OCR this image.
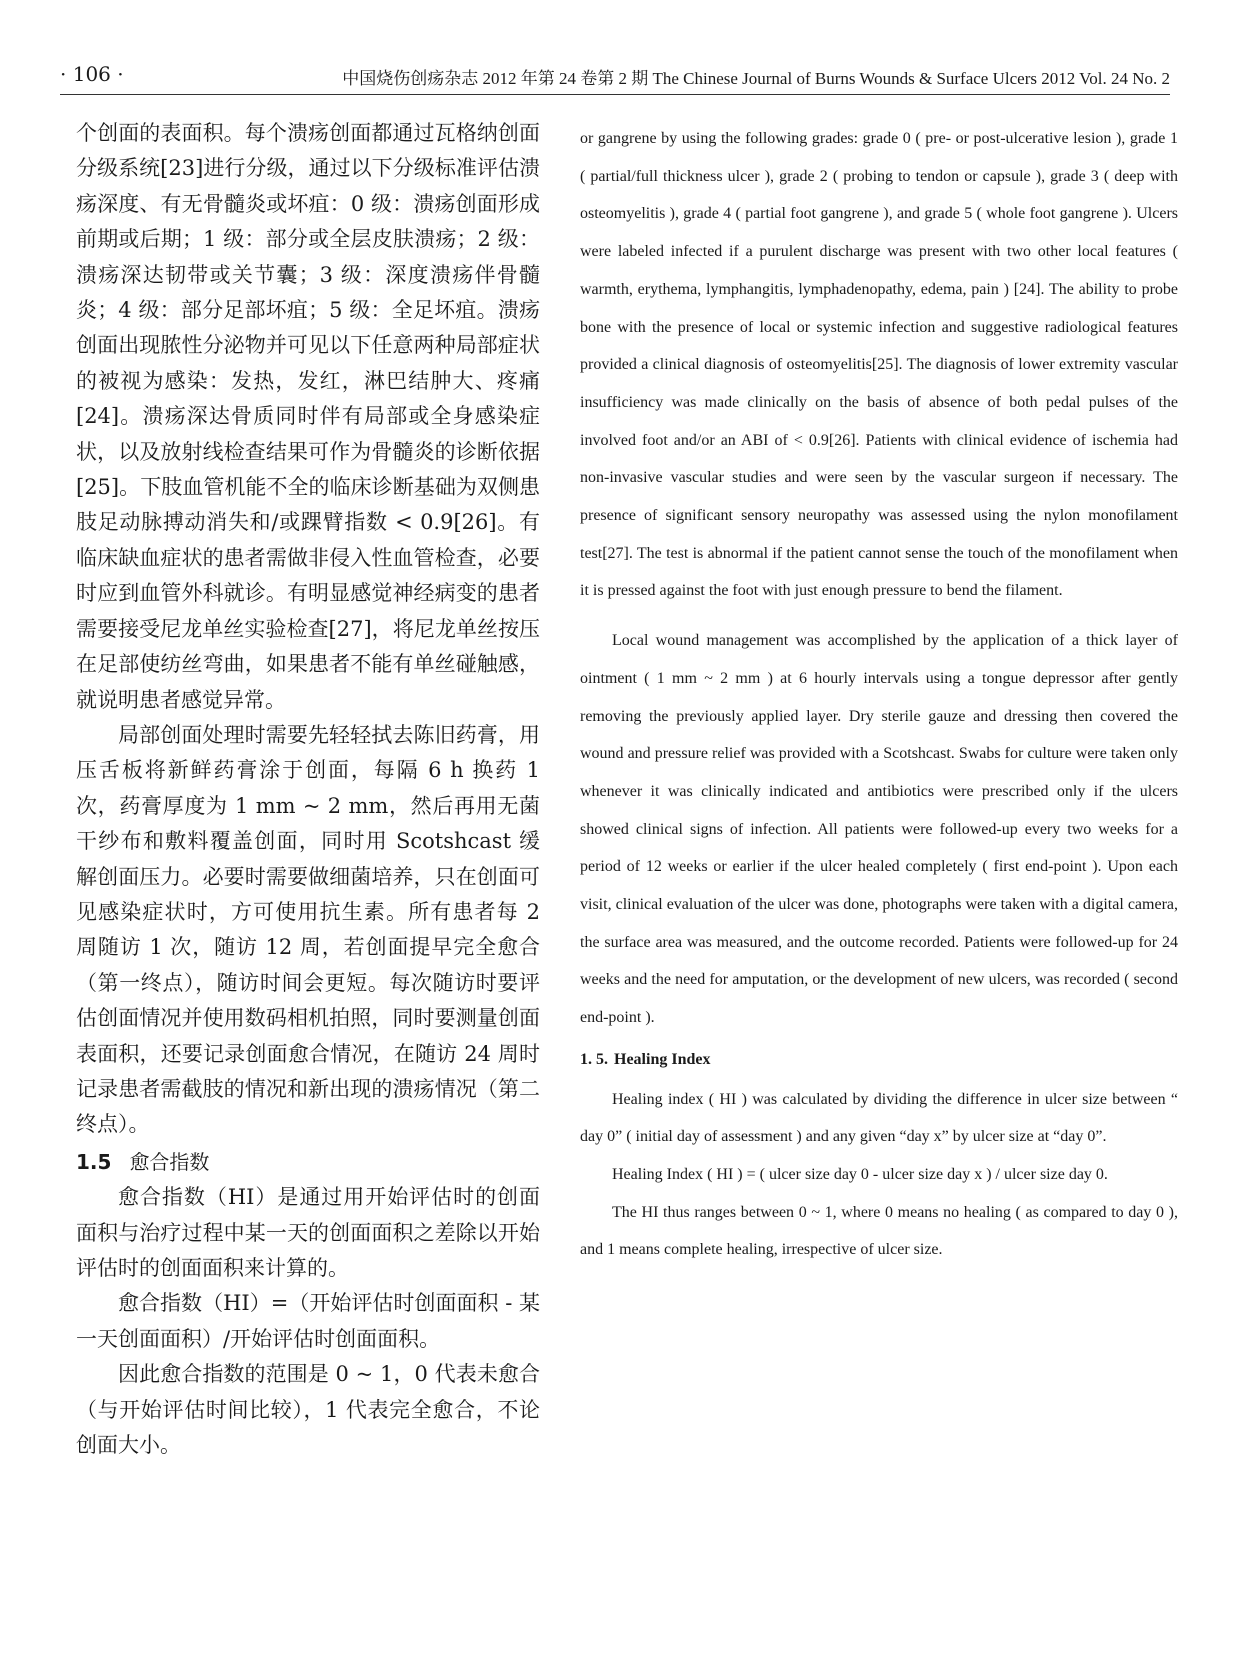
· 106 ·	中国烧伤创疡杂志 2012 年第 24 卷第 2 期 The Chinese Journal of Burns Wounds & Surface Ulcers 2012 Vol. 24 No. 2

个创面的表面积。每个溃疡创面都通过瓦格纳创面分级系统[23]进行分级，通过以下分级标准评估溃疡深度、有无骨髓炎或坏疽：0 级：溃疡创面形成前期或后期；1 级：部分或全层皮肤溃疡；2 级：溃疡深达韧带或关节囊；3 级：深度溃疡伴骨髓炎；4 级：部分足部坏疽；5 级：全足坏疽。溃疡创面出现脓性分泌物并可见以下任意两种局部症状的被视为感染：发热，发红，淋巴结肿大、疼痛[24]。溃疡深达骨质同时伴有局部或全身感染症状，以及放射线检查结果可作为骨髓炎的诊断依据[25]。下肢血管机能不全的临床诊断基础为双侧患肢足动脉搏动消失和/或踝臂指数 < 0.9[26]。有临床缺血症状的患者需做非侵入性血管检查，必要时应到血管外科就诊。有明显感觉神经病变的患者需要接受尼龙单丝实验检查[27]，将尼龙单丝按压在足部使纺丝弯曲，如果患者不能有单丝碰触感，就说明患者感觉异常。

局部创面处理时需要先轻轻拭去陈旧药膏，用压舌板将新鲜药膏涂于创面，每隔 6 h 换药 1 次，药膏厚度为 1 mm ~ 2 mm，然后再用无菌干纱布和敷料覆盖创面，同时用 Scotshcast 缓解创面压力。必要时需要做细菌培养，只在创面可见感染症状时，方可使用抗生素。所有患者每 2 周随访 1 次，随访 12 周，若创面提早完全愈合（第一终点），随访时间会更短。每次随访时要评估创面情况并使用数码相机拍照，同时要测量创面表面积，还要记录创面愈合情况，在随访 24 周时记录患者需截肢的情况和新出现的溃疡情况（第二终点）。

1.5 愈合指数

愈合指数（HI）是通过用开始评估时的创面面积与治疗过程中某一天的创面面积之差除以开始评估时的创面面积来计算的。

愈合指数（HI）=（开始评估时创面面积 - 某一天创面面积）/开始评估时创面面积。

因此愈合指数的范围是 0 ~ 1，0 代表未愈合（与开始评估时间比较），1 代表完全愈合，不论创面大小。

or gangrene by using the following grades: grade 0 ( pre- or post-ulcerative lesion ), grade 1 ( partial/full thickness ulcer ), grade 2 ( probing to tendon or capsule ), grade 3 ( deep with osteomyelitis ), grade 4 ( partial foot gangrene ), and grade 5 ( whole foot gangrene ). Ulcers were labeled infected if a purulent discharge was present with two other local features ( warmth, erythema, lymphangitis, lymphadenopathy, edema, pain ) [24]. The ability to probe bone with the presence of local or systemic infection and suggestive radiological features provided a clinical diagnosis of osteomyelitis[25]. The diagnosis of lower extremity vascular insufficiency was made clinically on the basis of absence of both pedal pulses of the involved foot and/or an ABI of < 0.9[26]. Patients with clinical evidence of ischemia had non-invasive vascular studies and were seen by the vascular surgeon if necessary. The presence of significant sensory neuropathy was assessed using the nylon monofilament test[27]. The test is abnormal if the patient cannot sense the touch of the monofilament when it is pressed against the foot with just enough pressure to bend the filament.

Local wound management was accomplished by the application of a thick layer of ointment ( 1 mm ~ 2 mm ) at 6 hourly intervals using a tongue depressor after gently removing the previously applied layer. Dry sterile gauze and dressing then covered the wound and pressure relief was provided with a Scotshcast. Swabs for culture were taken only whenever it was clinically indicated and antibiotics were prescribed only if the ulcers showed clinical signs of infection. All patients were followed-up every two weeks for a period of 12 weeks or earlier if the ulcer healed completely ( first end-point ). Upon each visit, clinical evaluation of the ulcer was done, photographs were taken with a digital camera, the surface area was measured, and the outcome recorded. Patients were followed-up for 24 weeks and the need for amputation, or the development of new ulcers, was recorded ( second end-point ).

1. 5. Healing Index

Healing index ( HI ) was calculated by dividing the difference in ulcer size between “ day 0” ( initial day of assessment ) and any given “day x” by ulcer size at “day 0”.

Healing Index ( HI ) = ( ulcer size day 0 - ulcer size day x ) / ulcer size day 0.

The HI thus ranges between 0 ~ 1, where 0 means no healing ( as compared to day 0 ), and 1 means complete healing, irrespective of ulcer size.
